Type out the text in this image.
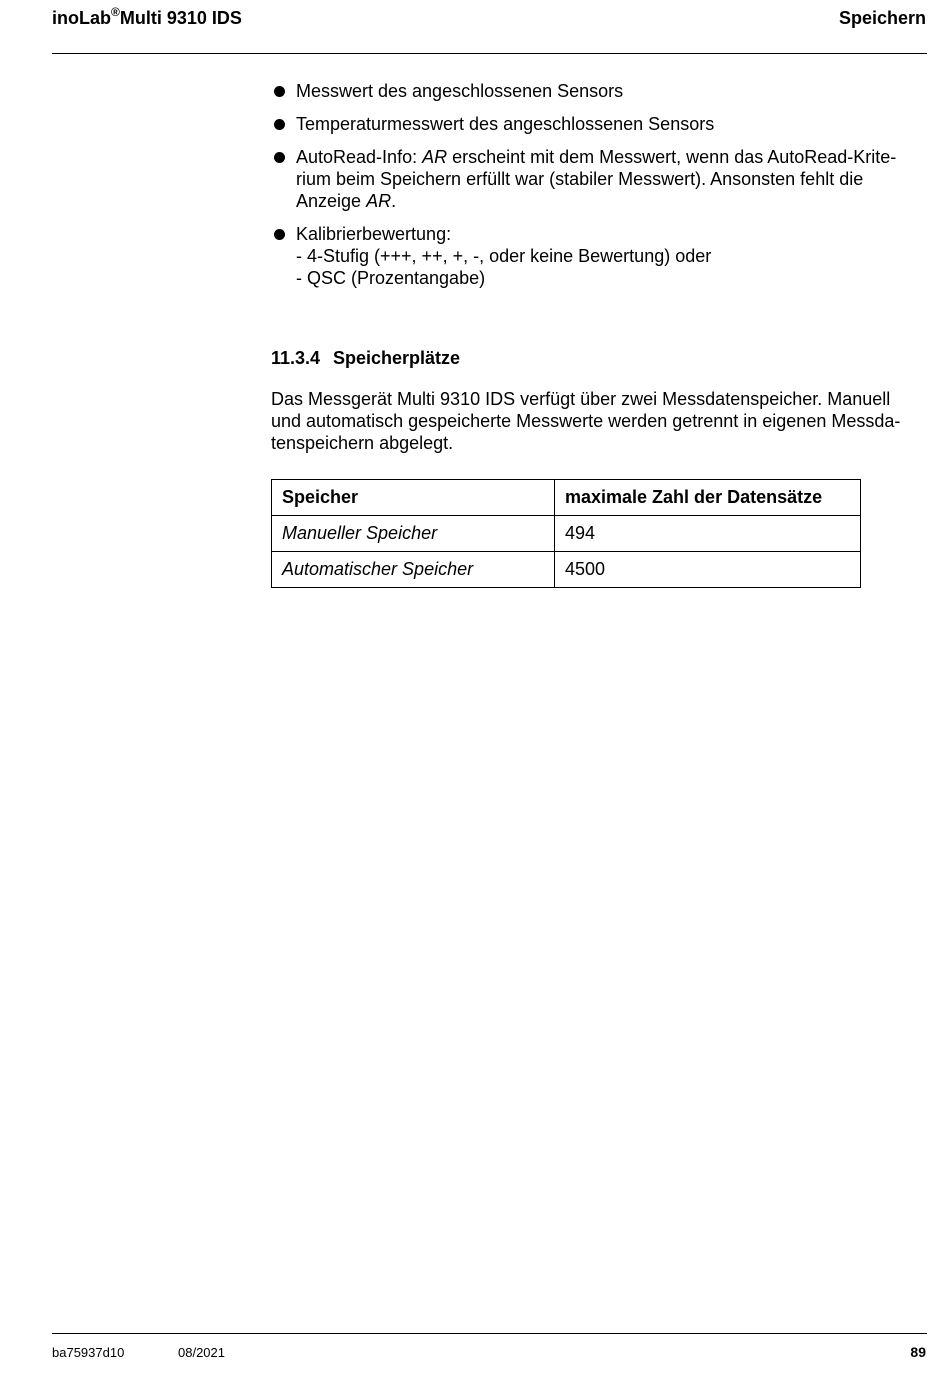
inoLab®Multi 9310 IDS	Speichern
Messwert des angeschlossenen Sensors
Temperaturmesswert des angeschlossenen Sensors
AutoRead-Info: AR erscheint mit dem Messwert, wenn das AutoRead-Krite-
rium beim Speichern erfüllt war (stabiler Messwert). Ansonsten fehlt die
Anzeige AR.
Kalibrierbewertung:
- 4-Stufig (+++, ++, +, -, oder keine Bewertung) oder
- QSC (Prozentangabe)
11.3.4 Speicherplätze
Das Messgerät Multi 9310 IDS verfügt über zwei Messdatenspeicher. Manuell
und automatisch gespeicherte Messwerte werden getrennt in eigenen Messda-
tenspeichern abgelegt.
Speicher	maximale Zahl der Datensätze
Manueller Speicher	494
Automatischer Speicher	4500
ba75937d10	08/2021	89
